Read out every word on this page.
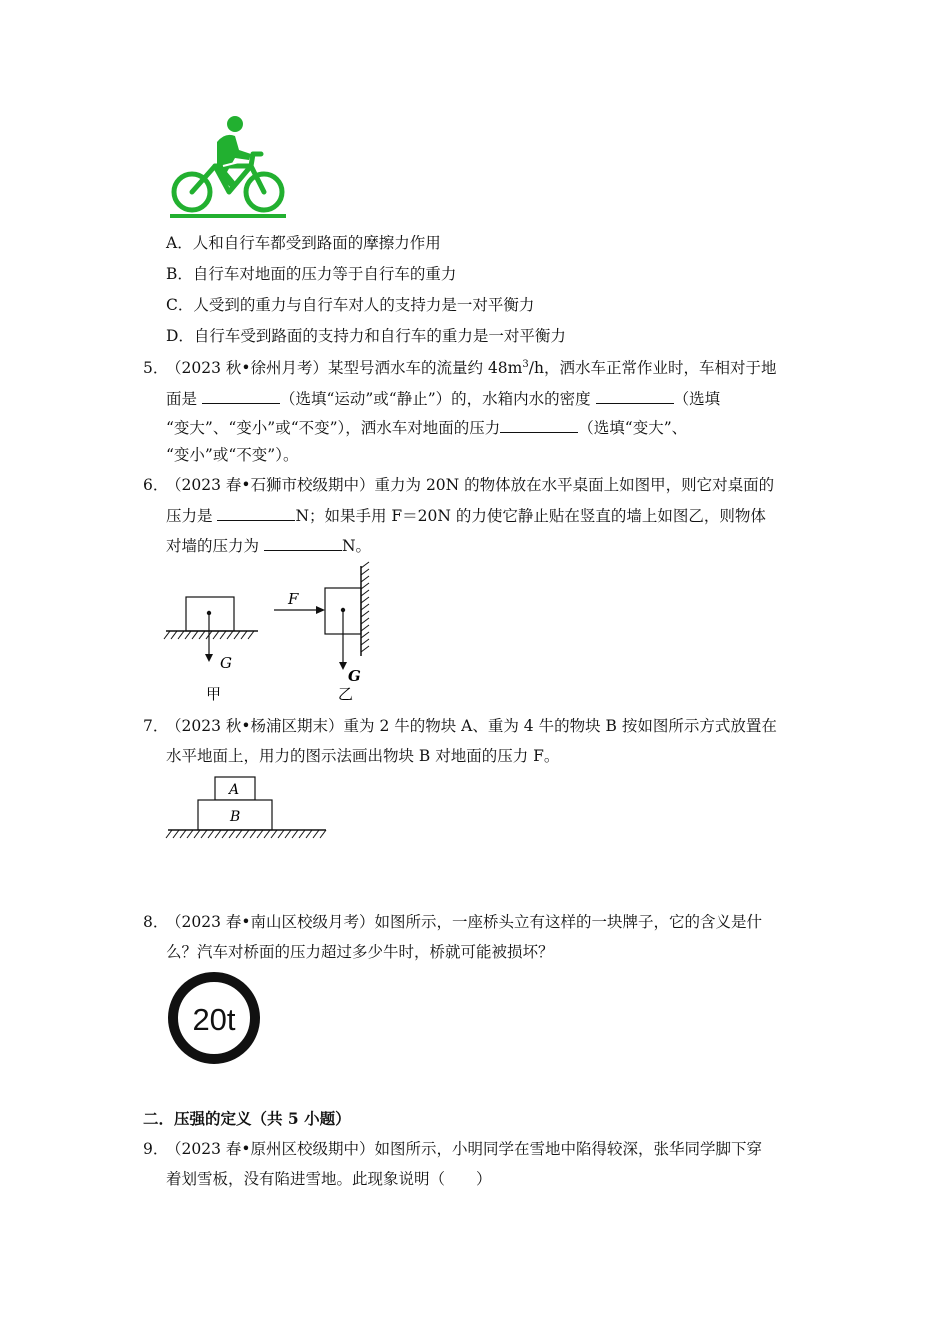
A．人和自行车都受到路面的摩擦力作用
B．自行车对地面的压力等于自行车的重力
C．人受到的重力与自行车对人的支持力是一对平衡力
D．自行车受到路面的支持力和自行车的重力是一对平衡力
5．
（2023 秋•徐州月考）某型号洒水车的流量约 $48m^3/h$，洒水车正常作业时，车相对于地
面是	（选填“运动”或“静止”）的，水箱内水的密度	（选填
“变大”、“变小”或“不变”），洒水车对地面的压力	（选填“变大”、
“变小”或“不变”）。
6．
（2023 春•石狮市校级期中）重力为 20N 的物体放在水平桌面上如图甲，则它对桌面的
压力是	N；如果手用 F＝20N 的力使它静止贴在竖直的墙上如图乙，则物体
对墙的压力为	N。
G
甲
F
G
乙
7．
（2023 秋•杨浦区期末）重为 2 牛的物块 A、重为 4 牛的物块 B 按如图所示方式放置在
水平地面上，用力的图示法画出物块 B 对地面的压力 F。
A
B
8．
（2023 春•南山区校级月考）如图所示，一座桥头立有这样的一块牌子，它的含义是什
么？汽车对桥面的压力超过多少牛时，桥就可能被损坏？
20t
二．压强的定义（共 5 小题）
9．
（2023 春•原州区校级期中）如图所示，小明同学在雪地中陷得较深，张华同学脚下穿
着划雪板，没有陷进雪地。此现象说明（　　）
